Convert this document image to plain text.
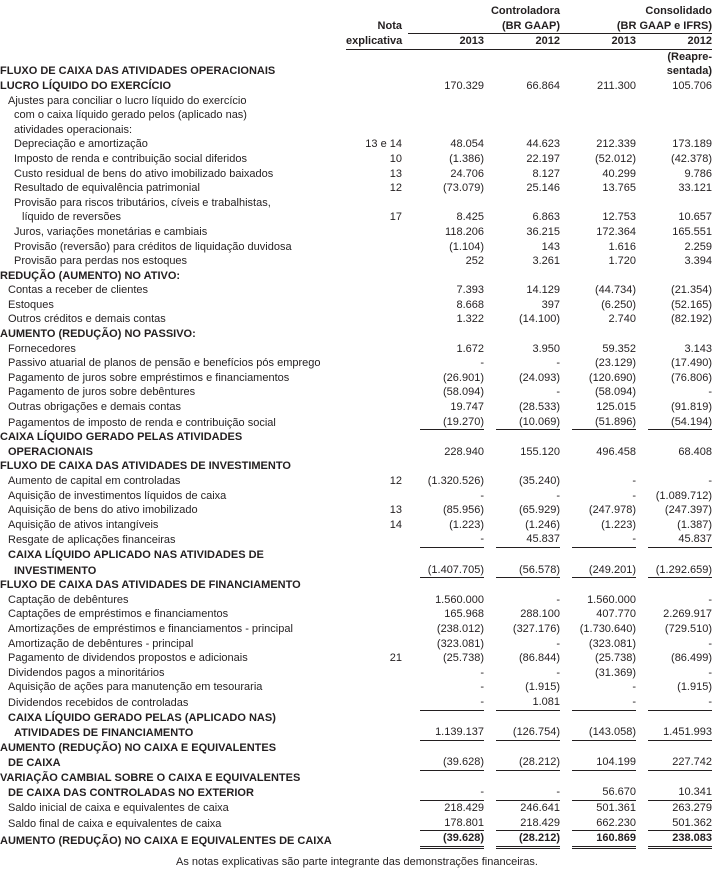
		Controladora		Consolidado	
	Nota	(BR GAAP)		(BR GAAP e IFRS)	
	explicativa	2013	2012	2013	2012
					(Reapre-
FLUXO DE CAIXA DAS ATIVIDADES OPERACIONAIS					sentada)
LUCRO LÍQUIDO DO EXERCÍCIO		170.329	66.864	211.300	105.706
Ajustes para conciliar o lucro líquido do exercício					
com o caixa líquido gerado pelos (aplicado nas)					
atividades operacionais:					
Depreciação e amortização	13 e 14	48.054	44.623	212.339	173.189
Imposto de renda e contribuição social diferidos	10	(1.386)	22.197	(52.012)	(42.378)
Custo residual de bens do ativo imobilizado baixados	13	24.706	8.127	40.299	9.786
Resultado de equivalência patrimonial	12	(73.079)	25.146	13.765	33.121
Provisão para riscos tributários, cíveis e trabalhistas,					
líquido de reversões	17	8.425	6.863	12.753	10.657
Juros, variações monetárias e cambiais		118.206	36.215	172.364	165.551
Provisão (reversão) para créditos de liquidação duvidosa		(1.104)	143	1.616	2.259
Provisão para perdas nos estoques		252	3.261	1.720	3.394
REDUÇÃO (AUMENTO) NO ATIVO:					
Contas a receber de clientes		7.393	14.129	(44.734)	(21.354)
Estoques		8.668	397	(6.250)	(52.165)
Outros créditos e demais contas		1.322	(14.100)	2.740	(82.192)
AUMENTO (REDUÇÃO) NO PASSIVO:					
Fornecedores		1.672	3.950	59.352	3.143
Passivo atuarial de planos de pensão e benefícios pós emprego		-	-	(23.129)	(17.490)
Pagamento de juros sobre empréstimos e financiamentos		(26.901)	(24.093)	(120.690)	(76.806)
Pagamento de juros sobre debêntures		(58.094)	-	(58.094)	-
Outras obrigações e demais contas		19.747	(28.533)	125.015	(91.819)
Pagamentos de imposto de renda e contribuição social		(19.270)	(10.069)	(51.896)	(54.194)
CAIXA LÍQUIDO GERADO PELAS ATIVIDADES					
OPERACIONAIS		228.940	155.120	496.458	68.408
FLUXO DE CAIXA DAS ATIVIDADES DE INVESTIMENTO					
Aumento de capital em controladas	12	(1.320.526)	(35.240)	-	-
Aquisição de investimentos líquidos de caixa		-	-	-	(1.089.712)
Aquisição de bens do ativo imobilizado	13	(85.956)	(65.929)	(247.978)	(247.397)
Aquisição de ativos intangíveis	14	(1.223)	(1.246)	(1.223)	(1.387)
Resgate de aplicações financeiras		-	45.837	-	45.837
CAIXA LÍQUIDO APLICADO NAS ATIVIDADES DE					
INVESTIMENTO		(1.407.705)	(56.578)	(249.201)	(1.292.659)
FLUXO DE CAIXA DAS ATIVIDADES DE FINANCIAMENTO					
Captação de debêntures		1.560.000	-	1.560.000	-
Captações de empréstimos e financiamentos		165.968	288.100	407.770	2.269.917
Amortizações de empréstimos e financiamentos - principal		(238.012)	(327.176)	(1.730.640)	(729.510)
Amortização de debêntures - principal		(323.081)	-	(323.081)	-
Pagamento de dividendos propostos e adicionais	21	(25.738)	(86.844)	(25.738)	(86.499)
Dividendos pagos a minoritários		-	-	(31.369)	-
Aquisição de ações para manutenção em tesouraria		-	(1.915)	-	(1.915)
Dividendos recebidos de controladas		-	1.081	-	-
CAIXA LÍQUIDO GERADO PELAS (APLICADO NAS)					
ATIVIDADES DE FINANCIAMENTO		1.139.137	(126.754)	(143.058)	1.451.993
AUMENTO (REDUÇÃO) NO CAIXA E EQUIVALENTES					
DE CAIXA		(39.628)	(28.212)	104.199	227.742
VARIAÇÃO CAMBIAL SOBRE O CAIXA E EQUIVALENTES					
DE CAIXA DAS CONTROLADAS NO EXTERIOR		-	-	56.670	10.341
Saldo inicial de caixa e equivalentes de caixa		218.429	246.641	501.361	263.279
Saldo final de caixa e equivalentes de caixa		178.801	218.429	662.230	501.362
AUMENTO (REDUÇÃO) NO CAIXA E EQUIVALENTES DE CAIXA		(39.628)	(28.212)	160.869	238.083
As notas explicativas são parte integrante das demonstrações financeiras.
